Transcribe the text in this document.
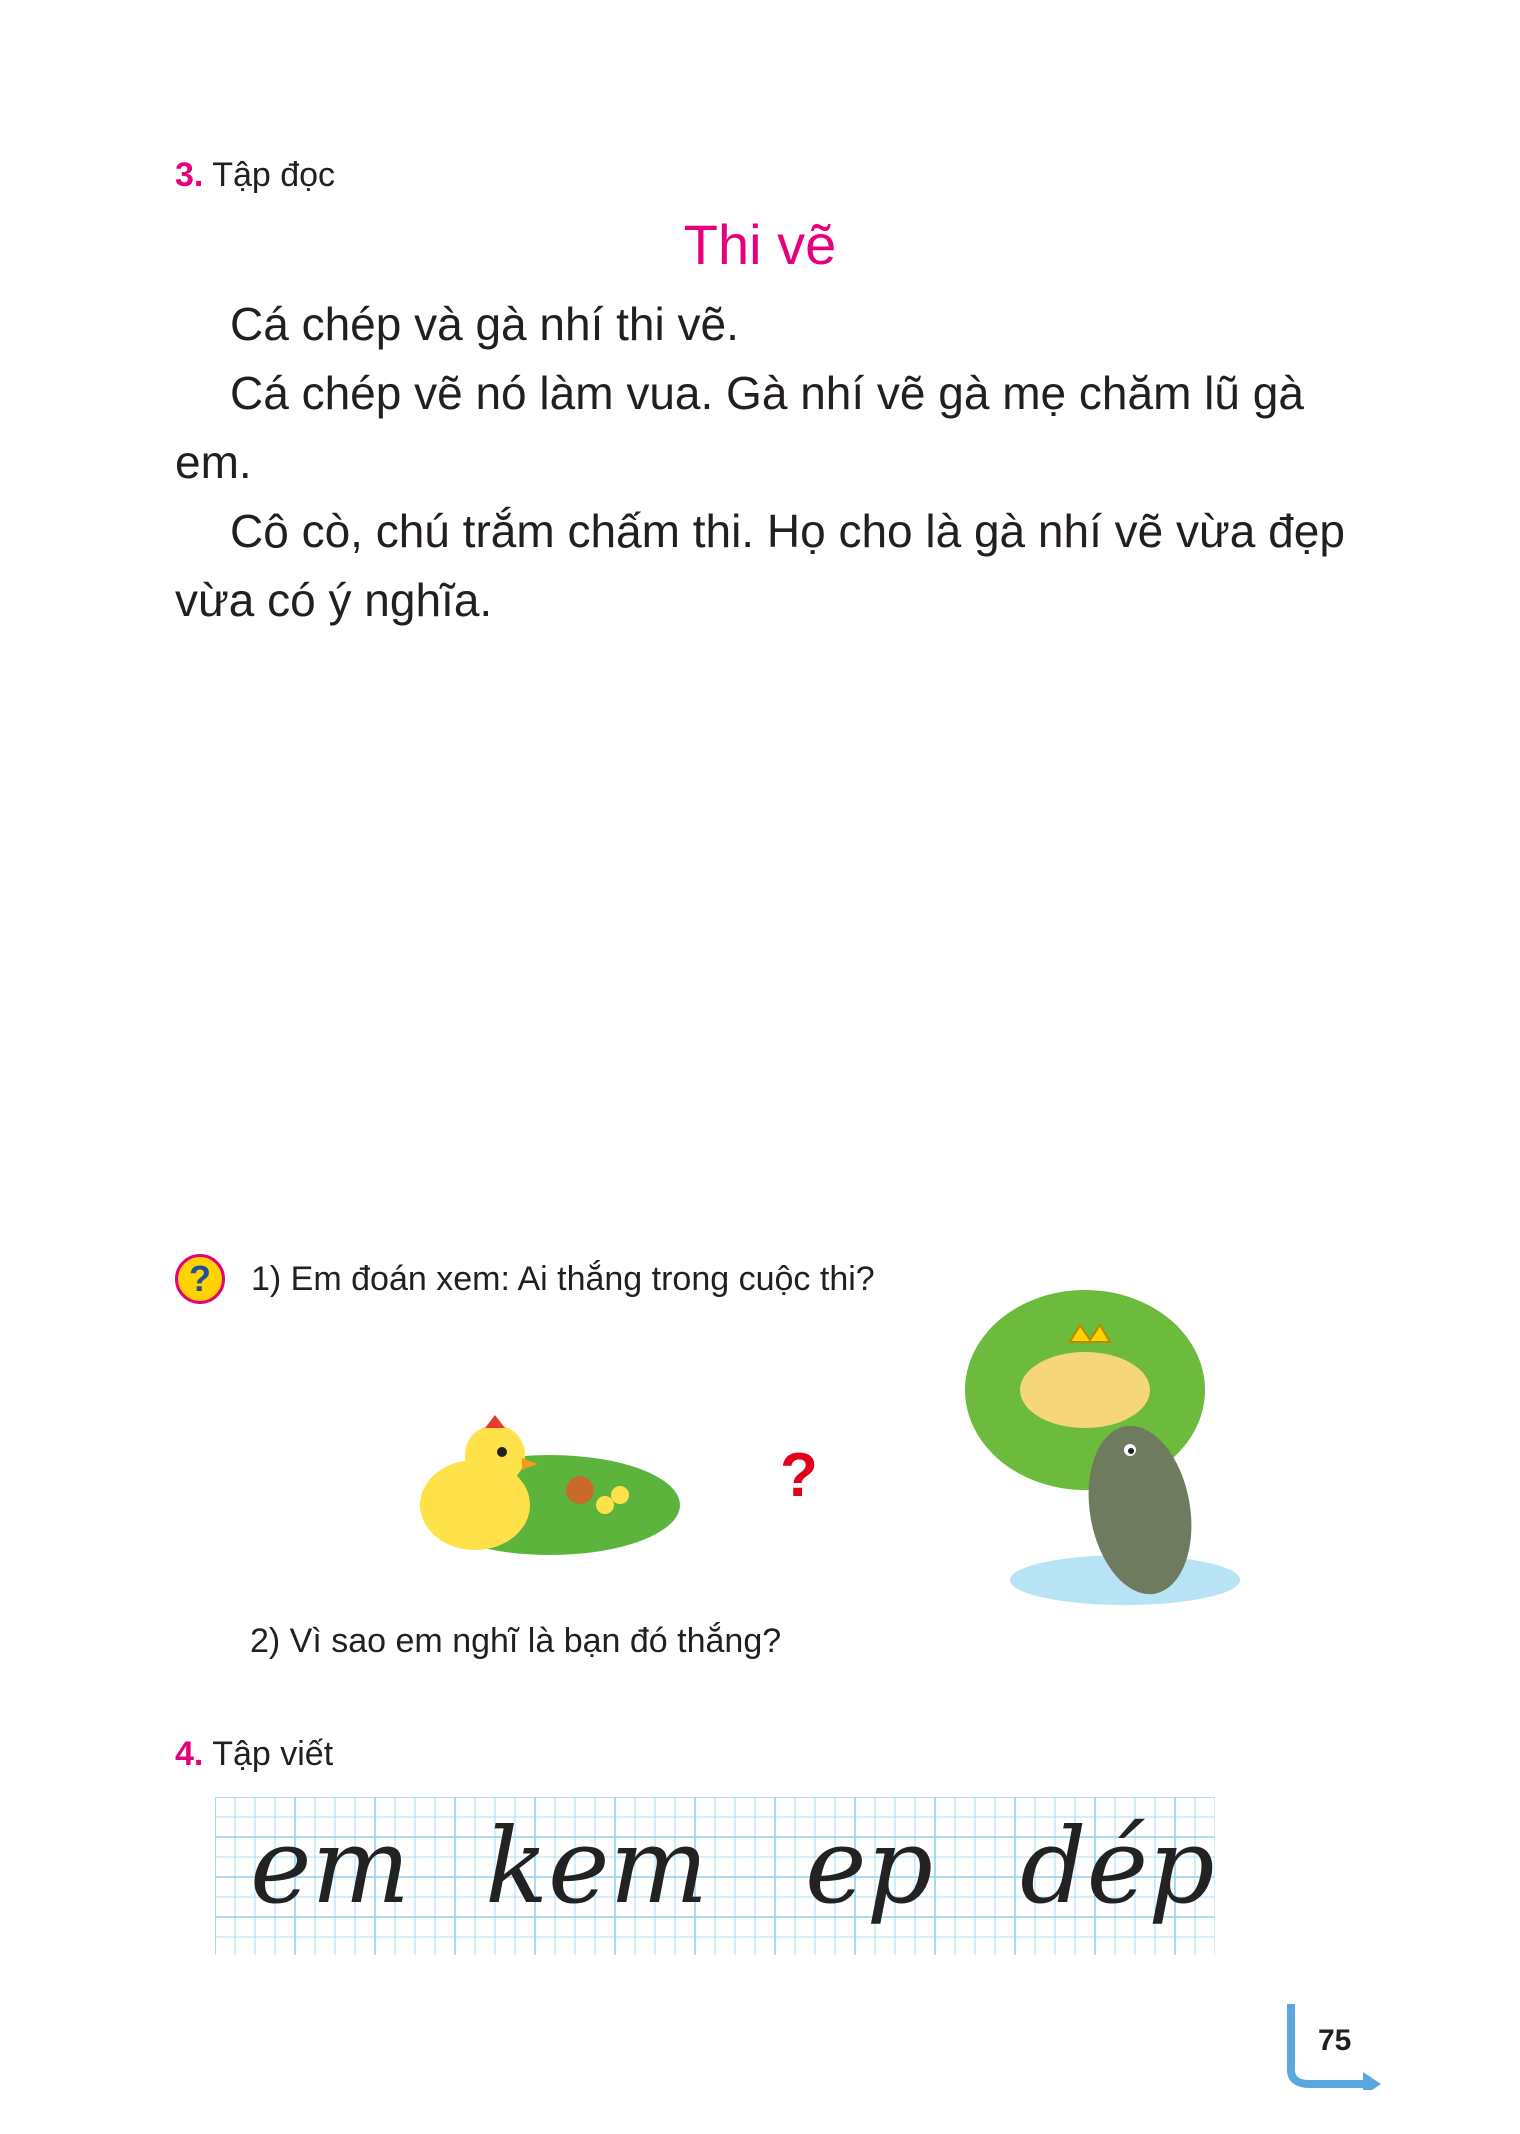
3. Tập đọc
Thi vẽ

Cá chép và gà nhí thi vẽ.

Cá chép vẽ nó làm vua. Gà nhí vẽ gà mẹ chăm lũ gà em.

Cô cò, chú trắm chấm thi. Họ cho là gà nhí vẽ vừa đẹp vừa có ý nghĩa.

?	1) Em đoán xem: Ai thắng trong cuộc thi?
?
2) Vì sao em nghĩ là bạn đó thắng?
4. Tập viết
em kem ep dép
75
